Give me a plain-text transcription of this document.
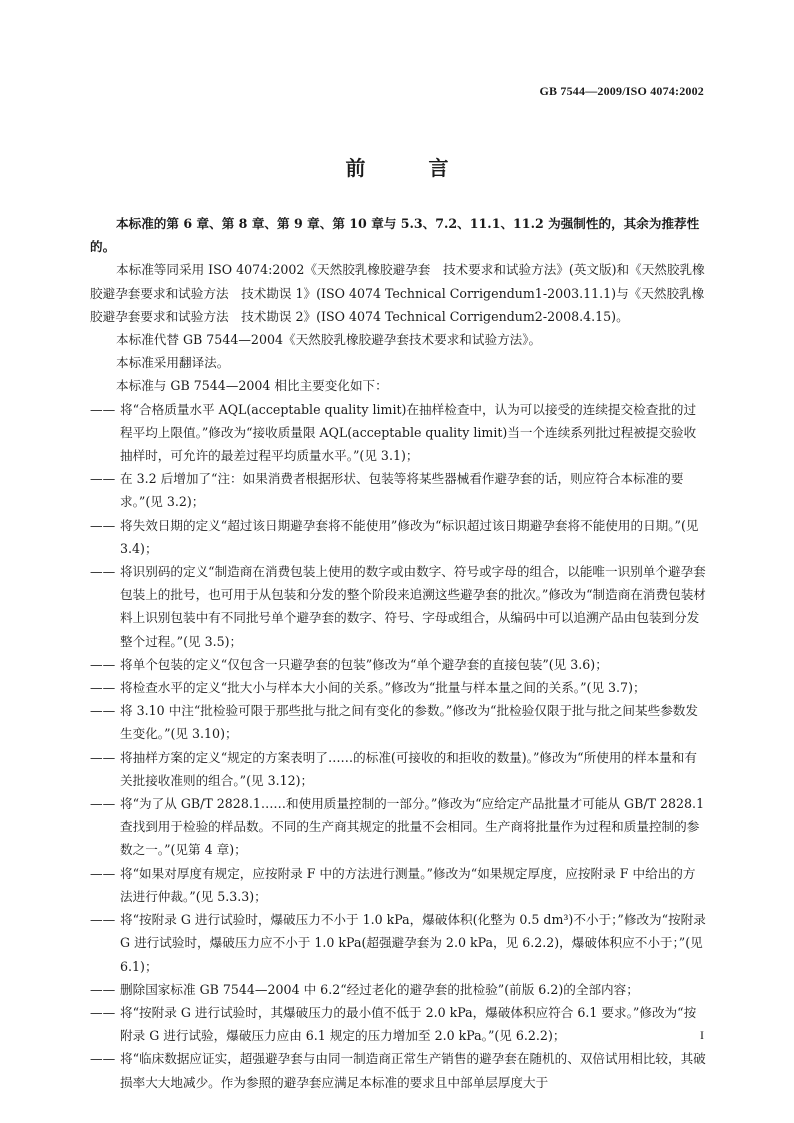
GB 7544—2009/ISO 4074:2002
前 言

本标准的第 6 章、第 8 章、第 9 章、第 10 章与 5.3、7.2、11.1、11.2 为强制性的，其余为推荐性的。

本标准等同采用 ISO 4074:2002《天然胶乳橡胶避孕套　技术要求和试验方法》(英文版)和《天然胶乳橡胶避孕套要求和试验方法　技术勘误 1》(ISO 4074 Technical Corrigendum1-2003.11.1)与《天然胶乳橡胶避孕套要求和试验方法　技术勘误 2》(ISO 4074 Technical Corrigendum2-2008.4.15)。

本标准代替 GB 7544—2004《天然胶乳橡胶避孕套技术要求和试验方法》。

本标准采用翻译法。

本标准与 GB 7544—2004 相比主要变化如下：

—— 将“合格质量水平 AQL(acceptable quality limit)在抽样检查中，认为可以接受的连续提交检查批的过程平均上限值。”修改为“接收质量限 AQL(acceptable quality limit)当一个连续系列批过程被提交验收抽样时，可允许的最差过程平均质量水平。”(见 3.1)；
—— 在 3.2 后增加了“注：如果消费者根据形状、包装等将某些器械看作避孕套的话，则应符合本标准的要求。”(见 3.2)；
—— 将失效日期的定义“超过该日期避孕套将不能使用”修改为“标识超过该日期避孕套将不能使用的日期。”(见 3.4)；
—— 将识别码的定义“制造商在消费包装上使用的数字或由数字、符号或字母的组合，以能唯一识别单个避孕套包装上的批号，也可用于从包装和分发的整个阶段来追溯这些避孕套的批次。”修改为“制造商在消费包装材料上识别包装中有不同批号单个避孕套的数字、符号、字母或组合，从编码中可以追溯产品由包装到分发整个过程。”(见 3.5)；
—— 将单个包装的定义“仅包含一只避孕套的包装”修改为“单个避孕套的直接包装”(见 3.6)；
—— 将检查水平的定义“批大小与样本大小间的关系。”修改为“批量与样本量之间的关系。”(见 3.7)；
—— 将 3.10 中注“批检验可限于那些批与批之间有变化的参数。”修改为“批检验仅限于批与批之间某些参数发生变化。”(见 3.10)；
—— 将抽样方案的定义“规定的方案表明了……的标准(可接收的和拒收的数量)。”修改为“所使用的样本量和有关批接收准则的组合。”(见 3.12)；
—— 将“为了从 GB/T 2828.1……和使用质量控制的一部分。”修改为“应给定产品批量才可能从 GB/T 2828.1 查找到用于检验的样品数。不同的生产商其规定的批量不会相同。生产商将批量作为过程和质量控制的参数之一。”(见第 4 章)；
—— 将“如果对厚度有规定，应按附录 F 中的方法进行测量。”修改为“如果规定厚度，应按附录 F 中给出的方法进行仲裁。”(见 5.3.3)；
—— 将“按附录 G 进行试验时，爆破压力不小于 1.0 kPa，爆破体积(化整为 0.5 dm³)不小于；”修改为“按附录 G 进行试验时，爆破压力应不小于 1.0 kPa(超强避孕套为 2.0 kPa，见 6.2.2)，爆破体积应不小于；”(见 6.1)；
—— 删除国家标准 GB 7544—2004 中 6.2“经过老化的避孕套的批检验”(前版 6.2)的全部内容；
—— 将“按附录 G 进行试验时，其爆破压力的最小值不低于 2.0 kPa，爆破体积应符合 6.1 要求。”修改为“按附录 G 进行试验，爆破压力应由 6.1 规定的压力增加至 2.0 kPa。”(见 6.2.2)；
—— 将“临床数据应证实，超强避孕套与由同一制造商正常生产销售的避孕套在随机的、双倍试用相比较，其破损率大大地减少。作为参照的避孕套应满足本标准的要求且中部单层厚度大于
I
